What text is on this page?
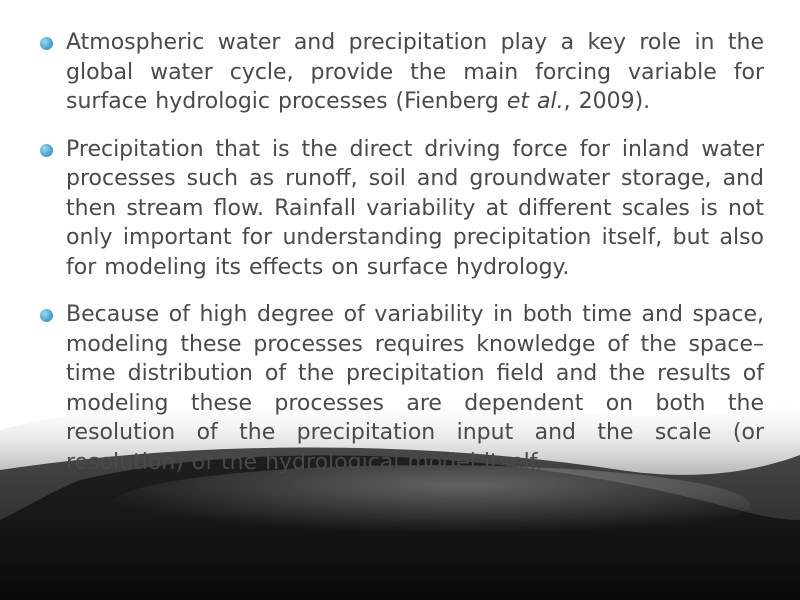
Atmospheric water and precipitation play a key role in the global water cycle, provide the main forcing variable for surface hydrologic processes (Fienberg et al., 2009).
Precipitation that is the direct driving force for inland water processes such as runoff, soil and groundwater storage, and then stream flow. Rainfall variability at different scales is not only important for understanding precipitation itself, but also for modeling its effects on surface hydrology.
Because of high degree of variability in both time and space, modeling these processes requires knowledge of the space–time distribution of the precipitation field and the results of modeling these processes are dependent on both the resolution of the precipitation input and the scale (or resolution) of the hydrological model itself.
